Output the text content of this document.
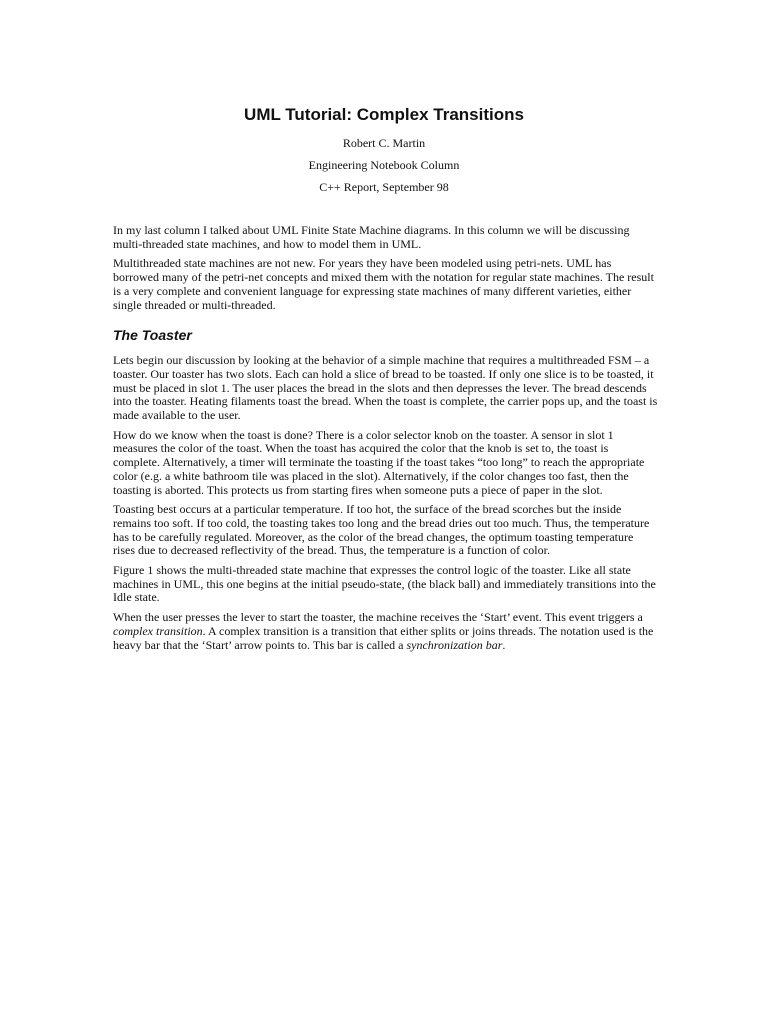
UML Tutorial: Complex Transitions

Robert C. Martin

Engineering Notebook Column

C++ Report, September 98

In my last column I talked about UML Finite State Machine diagrams. In this column we will be discussing multi-threaded state machines, and how to model them in UML.

Multithreaded state machines are not new. For years they have been modeled using petri-nets. UML has borrowed many of the petri-net concepts and mixed them with the notation for regular state machines. The result is a very complete and convenient language for expressing state machines of many different varieties, either single threaded or multi-threaded.

The Toaster

Lets begin our discussion by looking at the behavior of a simple machine that requires a multithreaded FSM – a toaster. Our toaster has two slots. Each can hold a slice of bread to be toasted. If only one slice is to be toasted, it must be placed in slot 1. The user places the bread in the slots and then depresses the lever. The bread descends into the toaster. Heating filaments toast the bread. When the toast is complete, the carrier pops up, and the toast is made available to the user.

How do we know when the toast is done? There is a color selector knob on the toaster. A sensor in slot 1 measures the color of the toast. When the toast has acquired the color that the knob is set to, the toast is complete. Alternatively, a timer will terminate the toasting if the toast takes “too long” to reach the appropriate color (e.g. a white bathroom tile was placed in the slot). Alternatively, if the color changes too fast, then the toasting is aborted. This protects us from starting fires when someone puts a piece of paper in the slot.

Toasting best occurs at a particular temperature. If too hot, the surface of the bread scorches but the inside remains too soft. If too cold, the toasting takes too long and the bread dries out too much. Thus, the temperature has to be carefully regulated. Moreover, as the color of the bread changes, the optimum toasting temperature rises due to decreased reflectivity of the bread. Thus, the temperature is a function of color.

Figure 1 shows the multi-threaded state machine that expresses the control logic of the toaster. Like all state machines in UML, this one begins at the initial pseudo-state, (the black ball) and immediately transitions into the Idle state.

When the user presses the lever to start the toaster, the machine receives the ‘Start’ event. This event triggers a complex transition. A complex transition is a transition that either splits or joins threads. The notation used is the heavy bar that the ‘Start’ arrow points to. This bar is called a synchronization bar.
